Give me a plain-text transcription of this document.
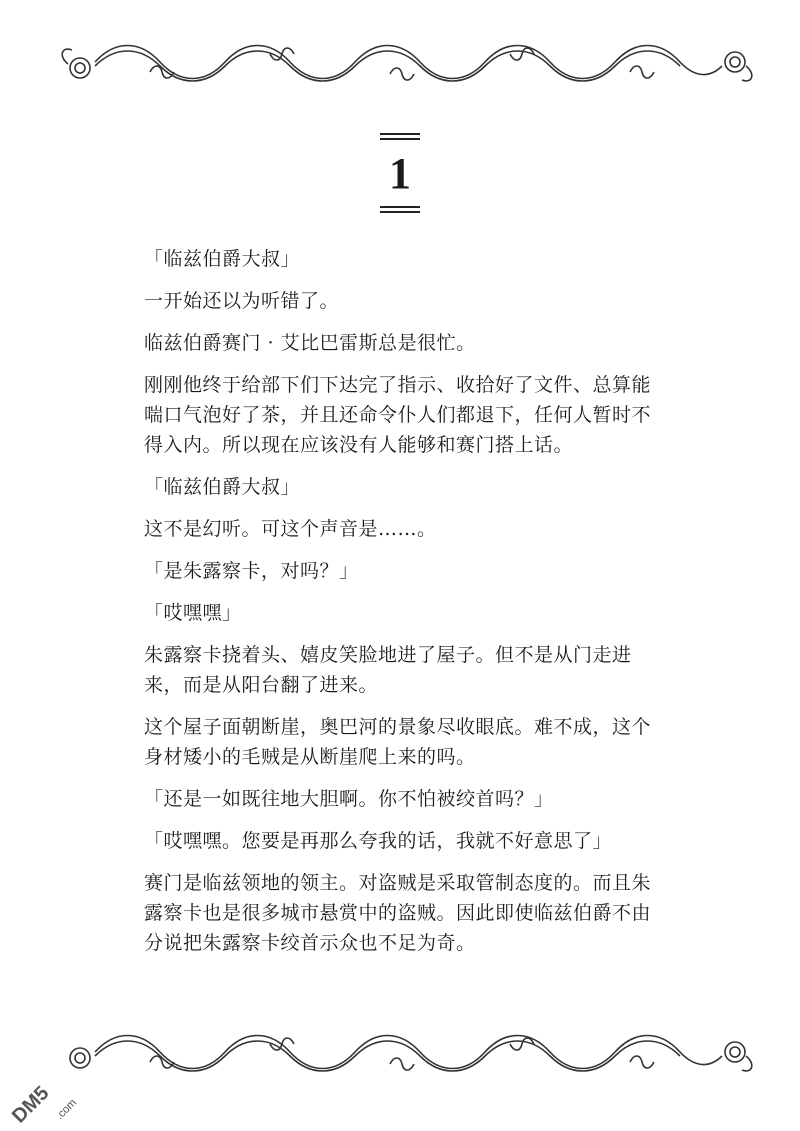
1

「临兹伯爵大叔」

一开始还以为听错了。

临兹伯爵赛门 · 艾比巴雷斯总是很忙。

刚刚他终于给部下们下达完了指示、收拾好了文件、总算能喘口气泡好了茶，并且还命令仆人们都退下，任何人暂时不得入内。所以现在应该没有人能够和赛门搭上话。

「临兹伯爵大叔」

这不是幻听。可这个声音是……。

「是朱露察卡，对吗？」

「哎嘿嘿」

朱露察卡挠着头、嬉皮笑脸地进了屋子。但不是从门走进来，而是从阳台翻了进来。

这个屋子面朝断崖，奥巴河的景象尽收眼底。难不成，这个身材矮小的毛贼是从断崖爬上来的吗。

「还是一如既往地大胆啊。你不怕被绞首吗？」

「哎嘿嘿。您要是再那么夸我的话，我就不好意思了」

赛门是临兹领地的领主。对盗贼是采取管制态度的。而且朱露察卡也是很多城市悬赏中的盗贼。因此即使临兹伯爵不由分说把朱露察卡绞首示众也不足为奇。

DM5 .com
